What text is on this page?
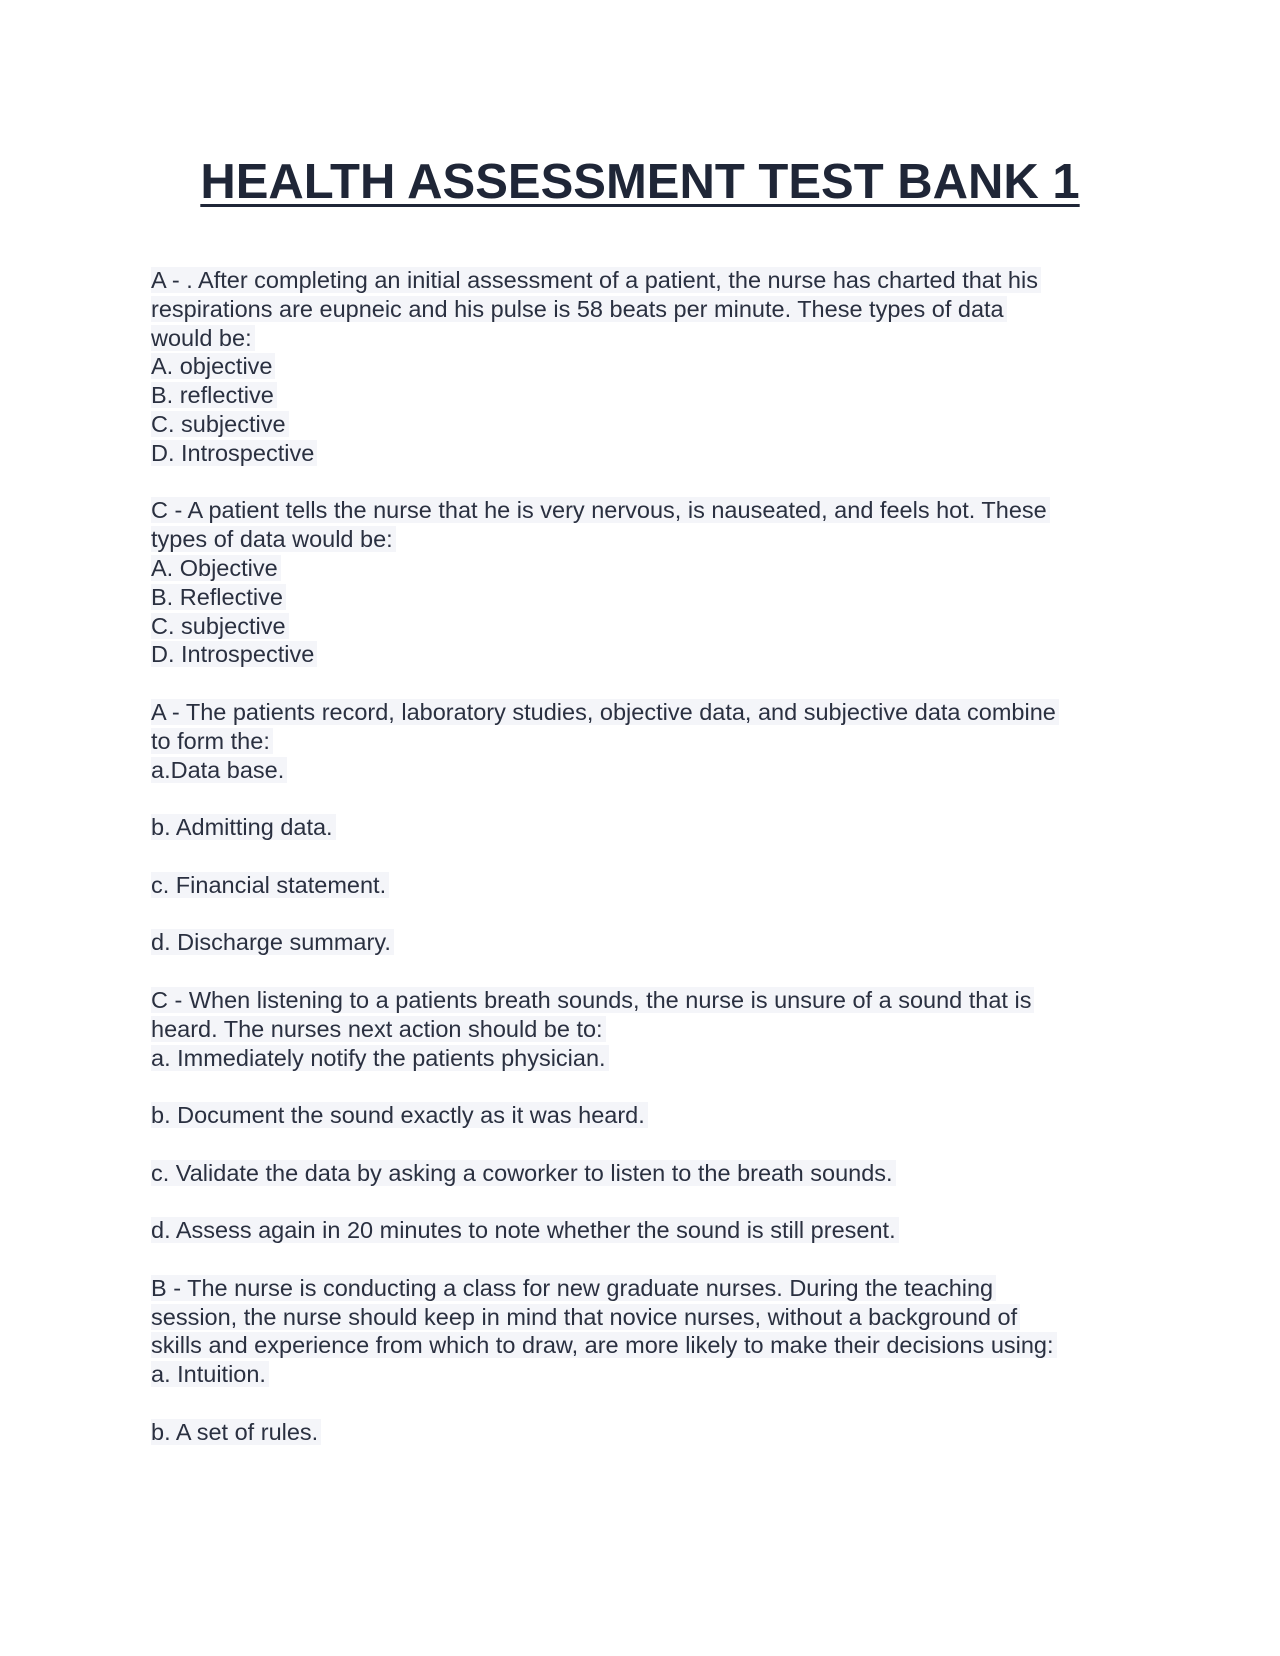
HEALTH ASSESSMENT TEST BANK 1
A - . After completing an initial assessment of a patient, the nurse has charted that his
respirations are eupneic and his pulse is 58 beats per minute. These types of data
would be:
A. objective
B. reflective
C. subjective
D. Introspective
C - A patient tells the nurse that he is very nervous, is nauseated, and feels hot. These
types of data would be:
A. Objective
B. Reflective
C. subjective
D. Introspective
A - The patients record, laboratory studies, objective data, and subjective data combine
to form the:
a.Data base.
b. Admitting data.
c. Financial statement.
d. Discharge summary.
C - When listening to a patients breath sounds, the nurse is unsure of a sound that is
heard. The nurses next action should be to:
a. Immediately notify the patients physician.
b. Document the sound exactly as it was heard.
c. Validate the data by asking a coworker to listen to the breath sounds.
d. Assess again in 20 minutes to note whether the sound is still present.
B - The nurse is conducting a class for new graduate nurses. During the teaching
session, the nurse should keep in mind that novice nurses, without a background of
skills and experience from which to draw, are more likely to make their decisions using:
a. Intuition.
b. A set of rules.
